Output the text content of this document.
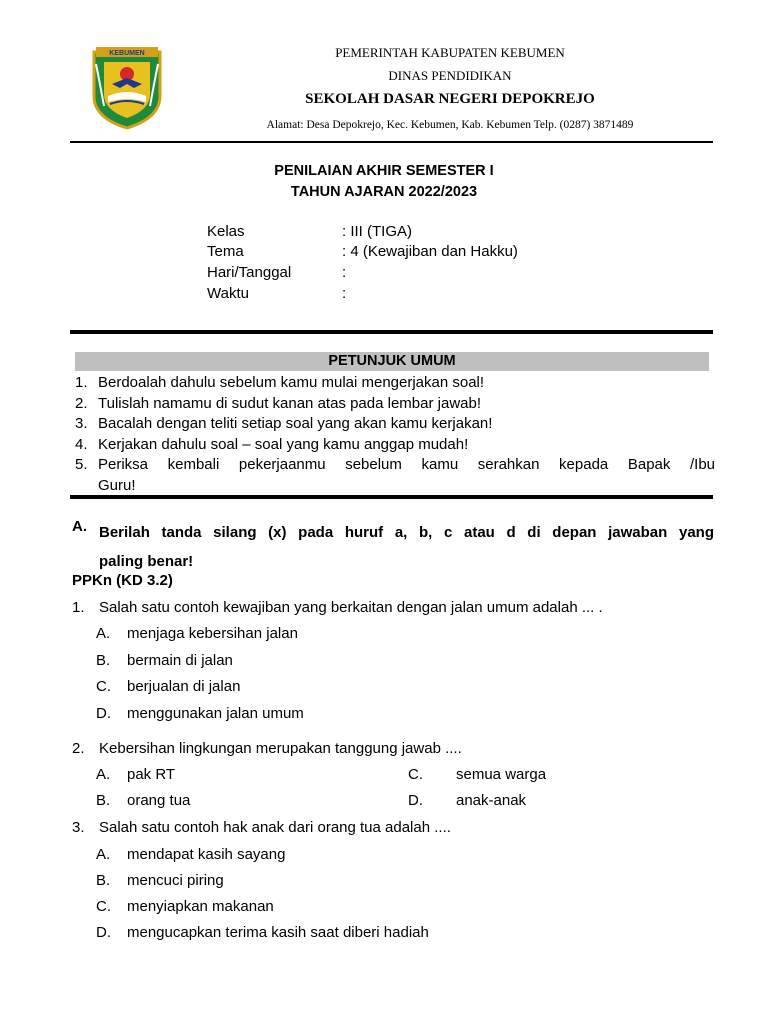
KEBUMEN	PEMERINTAH KABUPATEN KEBUMEN
DINAS PENDIDIKAN
SEKOLAH DASAR NEGERI DEPOKREJO
Alamat: Desa Depokrejo, Kec. Kebumen, Kab. Kebumen Telp. (0287) 3871489
PENILAIAN AKHIR SEMESTER I
TAHUN AJARAN 2022/2023
Kelas	: III (TIGA)
Tema	: 4 (Kewajiban dan Hakku)
Hari/Tanggal	:
Waktu	:
PETUNJUK UMUM
1. Berdoalah dahulu sebelum kamu mulai mengerjakan soal!
2. Tulislah namamu di sudut kanan atas pada lembar jawab!
3. Bacalah dengan teliti setiap soal yang akan kamu kerjakan!
4. Kerjakan dahulu soal – soal yang kamu anggap mudah!
5. Periksa kembali pekerjaanmu sebelum kamu serahkan kepada Bapak /Ibu
Guru!
A. Berilah tanda silang (x) pada huruf a, b, c atau d di depan jawaban yang
paling benar!
PPKn (KD 3.2)
1. Salah satu contoh kewajiban yang berkaitan dengan jalan umum adalah ... .
A. menjaga kebersihan jalan
B. bermain di jalan
C. berjualan di jalan
D. menggunakan jalan umum
2. Kebersihan lingkungan merupakan tanggung jawab ....
A. pak RT
B. orang tua
C. semua warga
D. anak-anak
3. Salah satu contoh hak anak dari orang tua adalah ....
A. mendapat kasih sayang
B. mencuci piring
C. menyiapkan makanan
D. mengucapkan terima kasih saat diberi hadiah
